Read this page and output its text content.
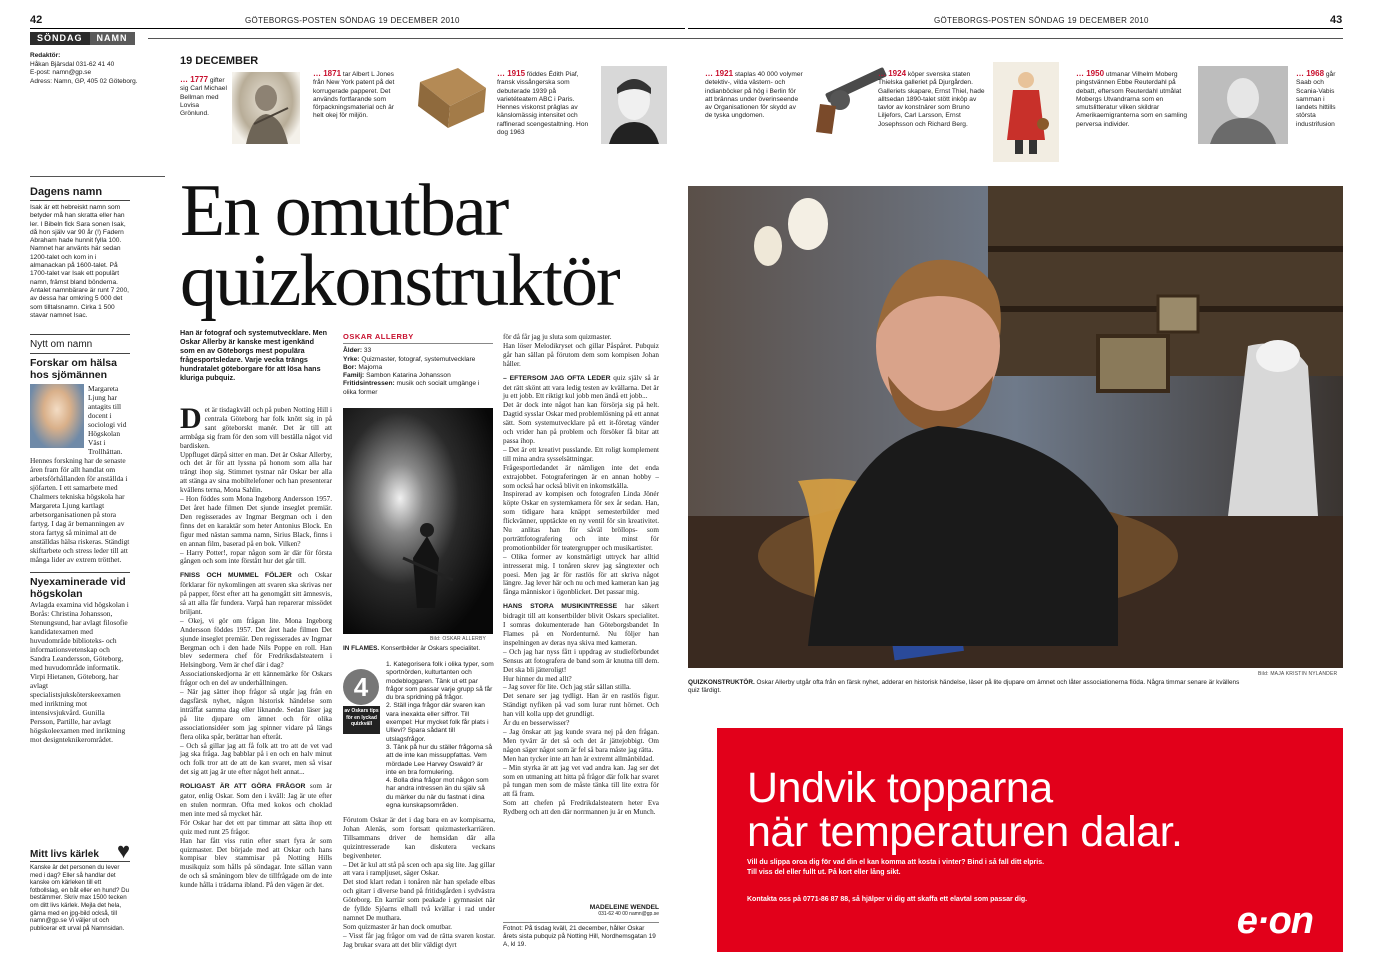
42	GÖTEBORGS-POSTEN SÖNDAG 19 DECEMBER 2010	GÖTEBORGS-POSTEN SÖNDAG 19 DECEMBER 2010	43
SÖNDAG	NAMN
Redaktör:
Håkan Bjärsdal 031-62 41 40
E-post: namn@gp.se
Adress: Namn, GP, 405 02 Göteborg.
19 DECEMBER
… 1777 gifter sig Carl Michael Bellman med Lovisa Grönlund.
… 1871 tar Albert L Jones från New York patent på det korrugerade papperet. Det används fortfarande som förpackningsmaterial och är helt okej för miljön.
… 1915 föddes Édith Piaf, fransk vissångerska som debuterade 1939 på varietéteatern ABC i Paris. Hennes viskonst präglas av känslomässig intensitet och raffinerad scengestaltning. Hon dog 1963
… 1921 staplas 40 000 volymer detektiv-, vilda västern- och indianböcker på hög i Berlin för att brännas under överinseende av Organisationen för skydd av de tyska ungdomen.
… 1924 köper svenska staten Thielska galleriet på Djurgården. Galleriets skapare, Ernst Thiel, hade alltsedan 1890-talet stött inköp av tavlor av konstnärer som Bruno Liljefors, Carl Larsson, Ernst Josephsson och Richard Berg.
… 1950 utmanar Vilhelm Moberg pingstvännen Ebbe Reuterdahl på debatt, eftersom Reuterdahl utmålat Mobergs Utvandrarna som en smutslitteratur vilken skildrar Amerikaemigranterna som en samling perversa individer.
… 1968 går Saab och Scania-Vabis samman i landets hittills största industrifusion
Dagens namn
Isak är ett hebreiskt namn som betyder må han skratta eller han ler. I Bibeln fick Sara sonen Isak, då hon själv var 90 år (!) Fadern Abraham hade hunnit fylla 100. Namnet har använts här sedan 1200-talet och kom in i almanackan på 1600-talet. På 1700-talet var Isak ett populärt namn, främst bland bönderna. Antalet namnbärare är runt 7 200, av dessa har omkring 5 000 det som tilltalsnamn. Cirka 1 500 stavar namnet Isac.
Nytt om namn
Forskar om hälsa hos sjömännen
Margareta Ljung har antagits till docent i sociologi vid Högskolan Väst i Trollhättan. Hennes forskning har de senaste åren fram för allt handlat om arbetsförhållanden för anställda i sjöfarten. I ett samarbete med Chalmers tekniska högskola har Margareta Ljung kartlagt arbetsorganisationen på stora fartyg. I dag är bemanningen av stora fartyg så minimal att de anställdas hälsa riskeras. Ständigt skiftarbete och stress leder till att många lider av extrem trötthet.
Nyexaminerade vid högskolan
Avlagda examina vid högskolan i Borås: Christina Johansson, Stenungsund, har avlagt filosofie kandidatexamen med huvudområde biblioteks- och informationsvetenskap och Sandra Leandersson, Göteborg, med huvudområde informatik. Virpi Hietanen, Göteborg, har avlagt specialistsjuksköterskeexamen med inriktning mot intensivsjukvård. Gunilla Persson, Partille, har avlagt högskoleexamen med inriktning mot designteknikerområdet.
Mitt livs kärlek ♥
Kanske är det personen du lever med i dag? Eller så handlar det kanske om kärleken till ett fotbollslag, en båt eller en hund? Du bestämmer. Skriv max 1500 tecken om ditt livs kärlek. Mejla det hela, gärna med en jpg-bild också, till namn@gp.se Vi väljer ut och publicerar ett urval på Namnsidan.
En omutbar
quizkonstruktör
Han är fotograf och systemutvecklare. Men Oskar Allerby är kanske mest igenkänd som en av Göteborgs mest populära frågesportsledare. Varje vecka trängs hundratalet göteborgare för att lösa hans kluriga pubquiz.
D et är tisdagkväll och på puben Notting Hill i centrala Göteborg har folk knôtt sig in på sant göteborskt manér. Det är till att armbåga sig fram för den som vill beställa något vid bardisken.

Uppfluget därpå sitter en man. Det är Oskar Allerby, och det är för att lyssna på honom som alla har trängt ihop sig. Stimmet tystnar när Oskar ber alla att stänga av sina mobiltelefoner och han presenterar kvällens terna, Mona Sahlin.

– Hon föddes som Mona Ingeborg Andersson 1957. Det året hade filmen Det sjunde inseglet premiär. Den regisserades av Ingmar Bergman och i den finns det en karaktär som heter Antonius Block. En figur med nästan samma namn, Sirius Black, finns i en annan film, baserad på en bok. Vilken?

– Harry Potter!, ropar någon som är där för första gången och som inte förstått hur det går till.

FNISS OCH MUMMEL FÖLJER och Oskar förklarar för nykomlingen att svaren ska skrivas ner på papper, först efter att ha genomgått sitt ämnesvis, så att alla får fundera. Varpå han reparerar missödet briljant.

– Okej, vi gör om frågan lite. Mona Ingeborg Andersson föddes 1957. Det året hade filmen Det sjunde inseglet premiär. Den regisserades av Ingmar Bergman och i den hade Nils Poppe en roll. Han blev sedermera chef för Fredriksdalsteatern i Helsingborg. Vem är chef där i dag?

Associationskedjorna är ett kännemärke för Oskars frågor och en del av underhållningen.

– När jag sätter ihop frågor så utgår jag från en dagsfärsk nyhet, någon historisk händelse som inträffat samma dag eller liknande. Sedan läser jag på lite djupare om ämnet och för olika associationsidéer som jag spinner vidare på längs flera olika spår, berättar han efteråt.

– Och så gillar jag att få folk att tro att de vet vad jag ska fråga. Jag babblar på i en och en halv minut och folk tror att de att de kan svaret, men så visar det sig att jag är ute efter något helt annat...

ROLIGAST ÄR ATT GÖRA FRÅGOR som är gator, enlig Oskar. Som den i kväll: Jag är ute efter en stulen normran. Ofta med kokos och choklad men inte med så mycket här.

För Oskar har det ett par timmar att sätta ihop ett quiz med runt 25 frågor.

Han har fått viss rutin efter snart fyra år som quizmaster. Det började med att Oskar och hans kompisar blev stammisar på Notting Hills musikquiz som hålls på söndagar. Inte sällan vann de och så småningom blev de tillfrågade om de inte kunde hålla i trädarna ibland. På den vägen är det.

OSKAR ALLERBY
Ålder: 33
Yrke: Quizmaster, fotograf, systemutvecklare
Bor: Majorna
Familj: Sambon Katarina Johansson
Fritidsintressen: musik och socialt umgänge i olika former
Bild: OSKAR ALLERBY
IN FLAMES. Konsertbilder är Oskars specialitet.
4
av Oskars tips för en lyckad quizkväll
1. Kategorisera folk i olika typer, som sportnörden, kulturtanten och modebloggaren. Tänk ut ett par frågor som passar varje grupp så får du bra spridning på frågor.
2. Ställ inga frågor där svaren kan vara inexakta eller siffror. Till exempel: Hur mycket folk får plats i Ullevi? Spara sådant till utslagsfrågor.
3. Tänk på hur du ställer frågorna så att de inte kan missuppfattas. Vem mördade Lee Harvey Oswald? är inte en bra formulering.
4. Bolla dina frågor mot någon som har andra intressen än du själv så du märker du när du fastnat i dina egna kunskapsområden.

Förutom Oskar är det i dag bara en av kompisarna, Johan Alenäs, som fortsatt quizmasterkarriären. Tillsammans driver de hemsidan där alla quizintresserade kan diskutera veckans begivenheter.

– Det är kul att stå på scen och apa sig lite. Jag gillar att vara i rampljuset, säger Oskar.

Det stod klart redan i tonåren när han spelade elbas och gitarr i diverse band på fritidsgården i sydvästra Göteborg. En karriär som peakade i gymnasiet när de fyllde Sjöarns elhall två kvällar i rad under namnet De muthara.

Som quizmaster är han dock omutbar.

– Visst får jag frågor om vad de rätta svaren kostar. Jag brukar svara att det blir väldigt dyrt

för då får jag ju sluta som quizmaster.

Han löser Melodikryset och gillar Påspåret. Pubquiz går han sällan på förutom dem som kompisen Johan håller.

– EFTERSOM JAG OFTA LEDER quiz själv så är det rätt skönt att vara ledig testen av kvällarna. Det är ju ett jobb. Ett riktigt kul jobb men ändå ett jobb...

Det är dock inte något han kan försörja sig på helt. Dagtid sysslar Oskar med problemlösning på ett annat sätt. Som systemutvecklare på ett it-företag vänder och vrider han på problem och försöker få bitar att passa ihop.

– Det är ett kreativt pusslande. Ett roligt komplement till mina andra sysselsättningar.

Frågesportledandet är nämligen inte det enda extrajobbet. Fotograferingen är en annan hobby – som också har också blivit en inkomstkälla.

Inspirerad av kompisen och fotografen Linda Jönér köpte Oskar en systemkamera för sex år sedan. Han, som tidigare hara knäppt semesterbilder med flickvänner, upptäckte en ny ventil för sin kreativitet. Nu anlitas han för såväl bröllops- som porträttfotografering och inte minst för promotionbilder för teatergrupper och musikartister.

– Olika former av konstnärligt uttryck har alltid intresserat mig. I tonåren skrev jag sångtexter och poesi. Men jag är för rastlös för att skriva något längre. Jag lever här och nu och med kameran kan jag fånga människor i ögonblicket. Det passar mig.

HANS STORA MUSIKINTRESSE har säkert bidragit till att konsertbilder blivit Oskars specialitet. I somras dokumenterade han Göteborgsbandet In Flames på en Nordenturné. Nu följer han inspelningen av deras nya skiva med kameran.

– Och jag har nyss fått i uppdrag av studieförbundet Sensus att fotografera de band som är knutna till dem. Det ska bli jätteroligt!

Hur hinner du med allt?

– Jag sover för lite. Och jag står sällan stilla.

Det senare ser jag tydligt. Han är en rastlös figur. Ständigt nyfiken på vad som lurar runt hörnet. Och han vill kolla upp det grundligt.

Är du en besserwisser?

– Jag önskar att jag kunde svara nej på den frågan. Men tyvärr är det så och det är jättejobbigt. Om någon säger något som är fel så bara måste jag rätta.

Men han tycker inte att han är extremt allmänbildad.

– Min styrka är att jag vet vad andra kan. Jag ser det som en utmaning att hitta på frågor där folk har svaret på tungan men som de måste tänka till lite extra för att få fram.

Som att chefen på Fredrikdalsteatern heter Eva Rydberg och att den där norrmannen ju är en Munch.

MADELEINE WENDEL
031-62 40 00 namn@gp.se
Fotnot: På tisdag kväll, 21 december, håller Oskar årets sista pubquiz på Notting Hill, Nordhemsgatan 19 A, kl 19.
Bild: MAJA KRISTIN NYLANDER
QUIZKONSTRUKTÖR. Oskar Allerby utgår ofta från en färsk nyhet, adderar en historisk händelse, läser på lite djupare om ämnet och låter associationerna flöda. Några timmar senare är kvällens quiz färdigt.
Undvik topparna
när temperaturen dalar.
Vill du slippa oroa dig för vad din el kan komma att kosta i vinter? Bind i så fall ditt elpris.
Till viss del eller fullt ut. På kort eller lång sikt.
Kontakta oss på 0771-86 87 88, så hjälper vi dig att skaffa ett elavtal som passar dig.
e·on
